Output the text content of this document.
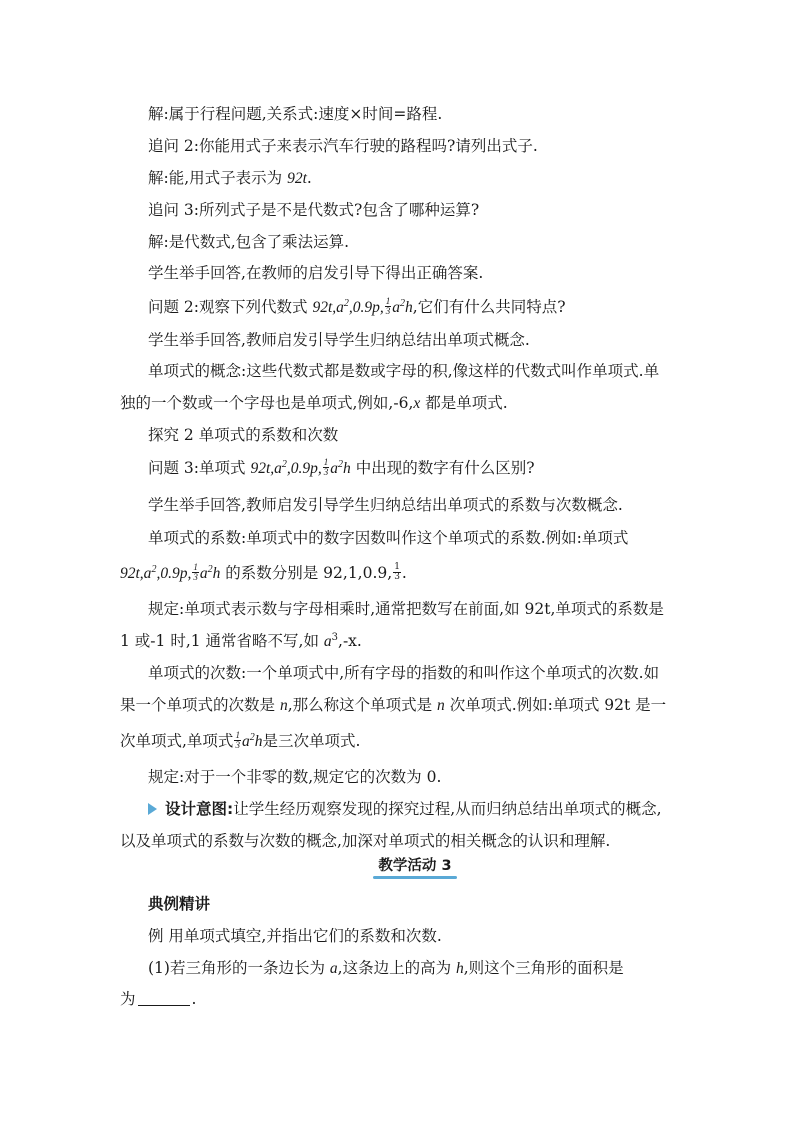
解:属于行程问题,关系式:速度×时间=路程.
追问 2:你能用式子来表示汽车行驶的路程吗?请列出式子.
解:能,用式子表示为 92t.
追问 3:所列式子是不是代数式?包含了哪种运算?
解:是代数式,包含了乘法运算.
学生举手回答,在教师的启发引导下得出正确答案.
问题 2:观察下列代数式 $92t,a^2,0.9p$, $\frac{1}{3} a^2h$,它们有什么共同特点?
学生举手回答,教师启发引导学生归纳总结出单项式概念.
单项式的概念:这些代数式都是数或字母的积,像这样的代数式叫作单项式.单
独的一个数或一个字母也是单项式,例如,-6,x 都是单项式.
探究 2 单项式的系数和次数
问题 3:单项式 $92t,a^2,0.9p$, $\frac{1}{3} a^2h$ 中出现的数字有什么区别?
学生举手回答,教师启发引导学生归纳总结出单项式的系数与次数概念.
单项式的系数:单项式中的数字因数叫作这个单项式的系数.例如:单项式
$92t,a^2,0.9p$, $\frac{1}{3} a^2h$ 的系数分别是 92,1,0.9, $\frac{1}{3}$ .
规定:单项式表示数与字母相乘时,通常把数写在前面,如 92t,单项式的系数是
1 或-1 时,1 通常省略不写,如 $a^3,-x$.
单项式的次数:一个单项式中,所有字母的指数的和叫作这个单项式的次数.如
果一个单项式的次数是 n,那么称这个单项式是 n 次单项式.例如:单项式 92t 是一
次单项式,单项式 $\frac{1}{3} a^2h$是三次单项式.
规定:对于一个非零的数,规定它的次数为 0.
设计意图:让学生经历观察发现的探究过程,从而归纳总结出单项式的概念,
以及单项式的系数与次数的概念,加深对单项式的相关概念的认识和理解.
教学活动 3
典例精讲
例 用单项式填空,并指出它们的系数和次数.
(1)若三角形的一条边长为 a,这条边上的高为 h,则这个三角形的面积是
为	.
